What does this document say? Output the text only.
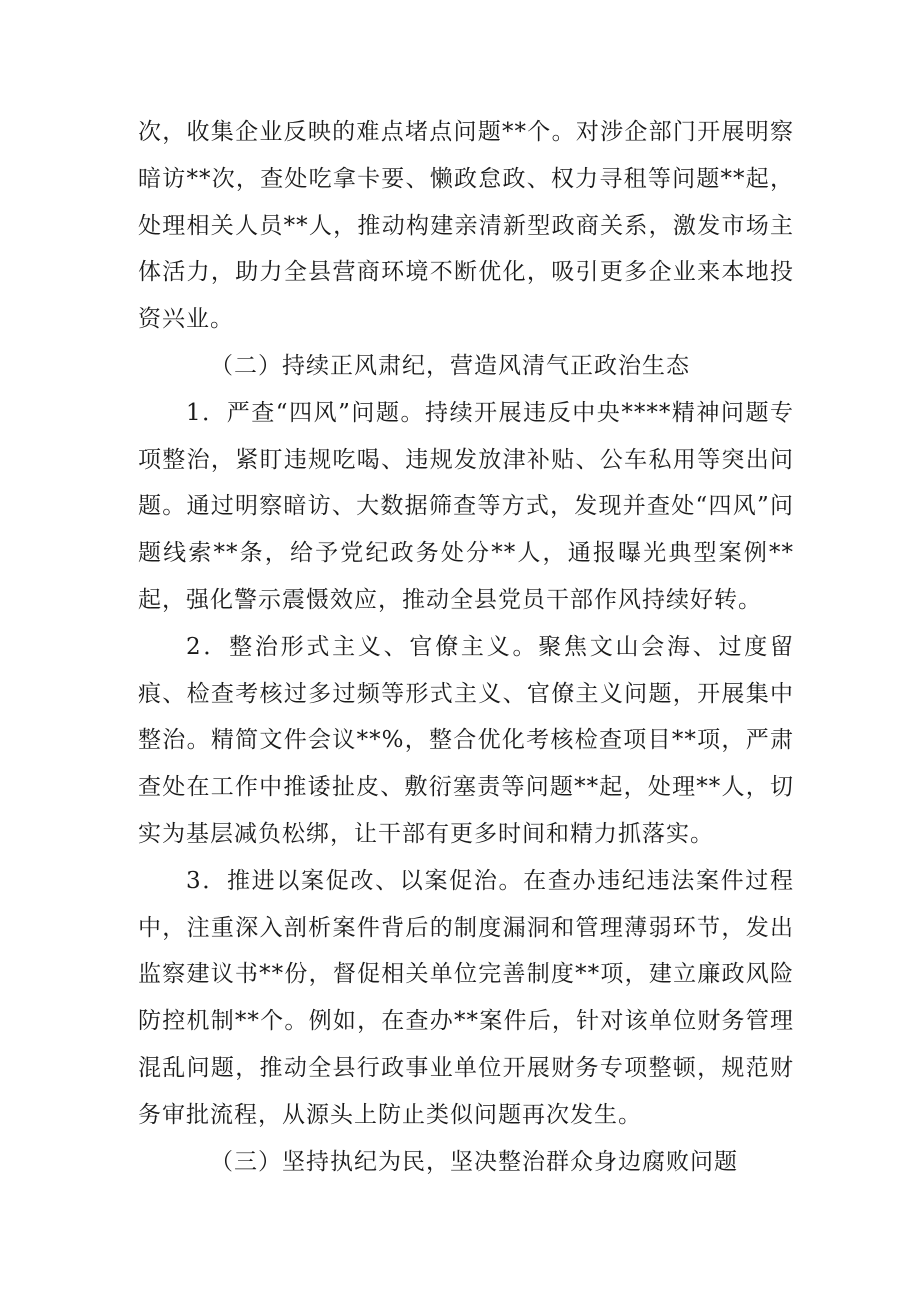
次，收集企业反映的难点堵点问题**个。对涉企部门开展明察暗访**次，查处吃拿卡要、懒政怠政、权力寻租等问题**起，处理相关人员**人，推动构建亲清新型政商关系，激发市场主体活力，助力全县营商环境不断优化，吸引更多企业来本地投资兴业。

（二）持续正风肃纪，营造风清气正政治生态

1．严查“四风”问题。持续开展违反中央****精神问题专项整治，紧盯违规吃喝、违规发放津补贴、公车私用等突出问题。通过明察暗访、大数据筛查等方式，发现并查处“四风”问题线索**条，给予党纪政务处分**人，通报曝光典型案例**起，强化警示震慑效应，推动全县党员干部作风持续好转。

2．整治形式主义、官僚主义。聚焦文山会海、过度留痕、检查考核过多过频等形式主义、官僚主义问题，开展集中整治。精简文件会议**%，整合优化考核检查项目**项，严肃查处在工作中推诿扯皮、敷衍塞责等问题**起，处理**人，切实为基层减负松绑，让干部有更多时间和精力抓落实。

3．推进以案促改、以案促治。在查办违纪违法案件过程中，注重深入剖析案件背后的制度漏洞和管理薄弱环节，发出监察建议书**份，督促相关单位完善制度**项，建立廉政风险防控机制**个。例如，在查办**案件后，针对该单位财务管理混乱问题，推动全县行政事业单位开展财务专项整顿，规范财务审批流程，从源头上防止类似问题再次发生。

（三）坚持执纪为民，坚决整治群众身边腐败问题
